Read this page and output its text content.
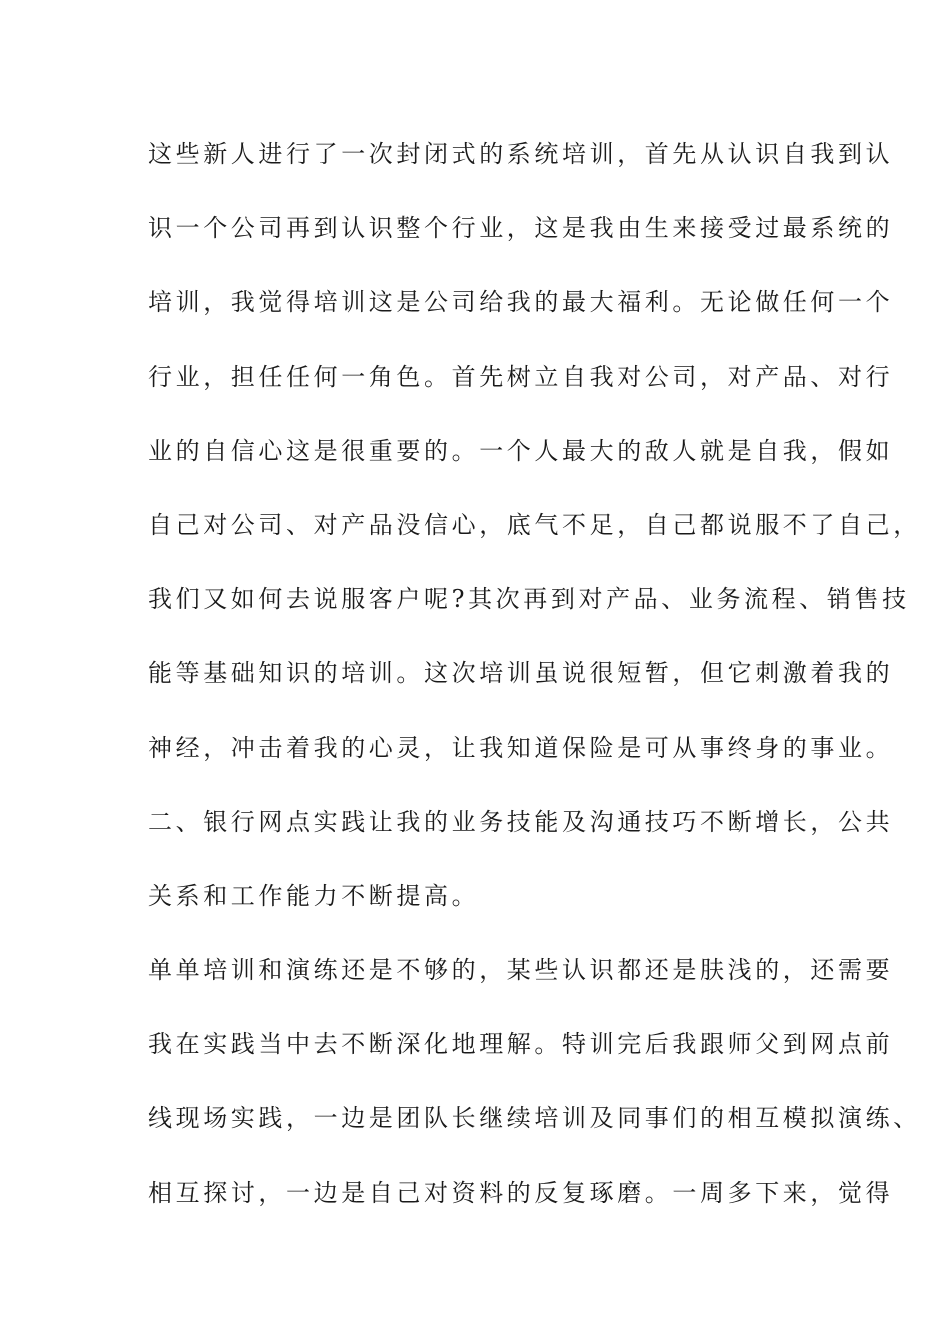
这些新人进行了一次封闭式的系统培训，首先从认识自我到认
识一个公司再到认识整个行业，这是我由生来接受过最系统的
培训，我觉得培训这是公司给我的最大福利。无论做任何一个
行业，担任任何一角色。首先树立自我对公司，对产品、对行
业的自信心这是很重要的。一个人最大的敌人就是自我，假如
自己对公司、对产品没信心，底气不足，自己都说服不了自己，
我们又如何去说服客户呢?其次再到对产品、业务流程、销售技
能等基础知识的培训。这次培训虽说很短暂，但它刺激着我的
神经，冲击着我的心灵，让我知道保险是可从事终身的事业。
二、银行网点实践让我的业务技能及沟通技巧不断增长，公共
关系和工作能力不断提高。
单单培训和演练还是不够的，某些认识都还是肤浅的，还需要
我在实践当中去不断深化地理解。特训完后我跟师父到网点前
线现场实践，一边是团队长继续培训及同事们的相互模拟演练、
相互探讨，一边是自己对资料的反复琢磨。一周多下来，觉得
